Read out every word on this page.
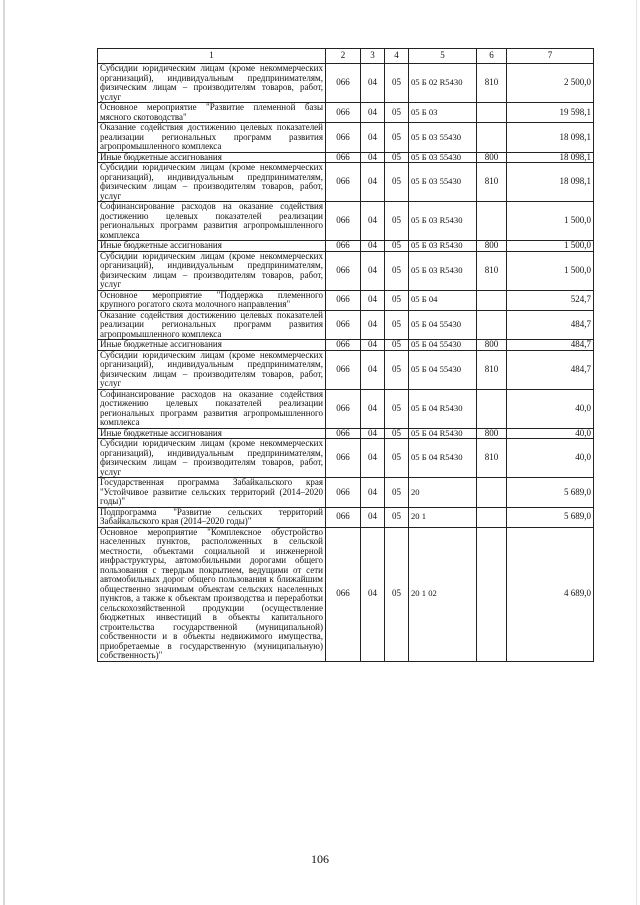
1	2	3	4	5	6	7
Субсидии юридическим лицам (кроме некоммерческих организаций), индивидуальным предпринимателям, физическим лицам – производителям товаров, работ, услуг	066	04	05	05 Б 02 R5430	810	2 500,0
Основное мероприятие "Развитие племенной базы мясного скотоводства"	066	04	05	05 Б 03		19 598,1
Оказание содействия достижению целевых показателей реализации региональных программ развития агропромышленного комплекса	066	04	05	05 Б 03 55430		18 098,1
Иные бюджетные ассигнования	066	04	05	05 Б 03 55430	800	18 098,1
Субсидии юридическим лицам (кроме некоммерческих организаций), индивидуальным предпринимателям, физическим лицам – производителям товаров, работ, услуг	066	04	05	05 Б 03 55430	810	18 098,1
Софинансирование расходов на оказание содействия достижению целевых показателей реализации региональных программ развития агропромышленного комплекса	066	04	05	05 Б 03 R5430		1 500,0
Иные бюджетные ассигнования	066	04	05	05 Б 03 R5430	800	1 500,0
Субсидии юридическим лицам (кроме некоммерческих организаций), индивидуальным предпринимателям, физическим лицам – производителям товаров, работ, услуг	066	04	05	05 Б 03 R5430	810	1 500,0
Основное мероприятие "Поддержка племенного крупного рогатого скота молочного направления"	066	04	05	05 Б 04		524,7
Оказание содействия достижению целевых показателей реализации региональных программ развития агропромышленного комплекса	066	04	05	05 Б 04 55430		484,7
Иные бюджетные ассигнования	066	04	05	05 Б 04 55430	800	484,7
Субсидии юридическим лицам (кроме некоммерческих организаций), индивидуальным предпринимателям, физическим лицам – производителям товаров, работ, услуг	066	04	05	05 Б 04 55430	810	484,7
Софинансирование расходов на оказание содействия достижению целевых показателей реализации региональных программ развития агропромышленного комплекса	066	04	05	05 Б 04 R5430		40,0
Иные бюджетные ассигнования	066	04	05	05 Б 04 R5430	800	40,0
Субсидии юридическим лицам (кроме некоммерческих организаций), индивидуальным предпринимателям, физическим лицам – производителям товаров, работ, услуг	066	04	05	05 Б 04 R5430	810	40,0
Государственная программа Забайкальского края "Устойчивое развитие сельских территорий (2014–2020 годы)"	066	04	05	20		5 689,0
Подпрограмма "Развитие сельских территорий Забайкальского края (2014–2020 годы)"	066	04	05	20 1		5 689,0
Основное мероприятие "Комплексное обустройство населенных пунктов, расположенных в сельской местности, объектами социальной и инженерной инфраструктуры, автомобильными дорогами общего пользования с твердым покрытием, ведущими от сети автомобильных дорог общего пользования к ближайшим общественно значимым объектам сельских населенных пунктов, а также к объектам производства и переработки сельскохозяйственной продукции (осуществление бюджетных инвестиций в объекты капитального строительства государственной (муниципальной) собственности и в объекты недвижимого имущества, приобретаемые в государственную (муниципальную) собственность)"	066	04	05	20 1 02		4 689,0
106
